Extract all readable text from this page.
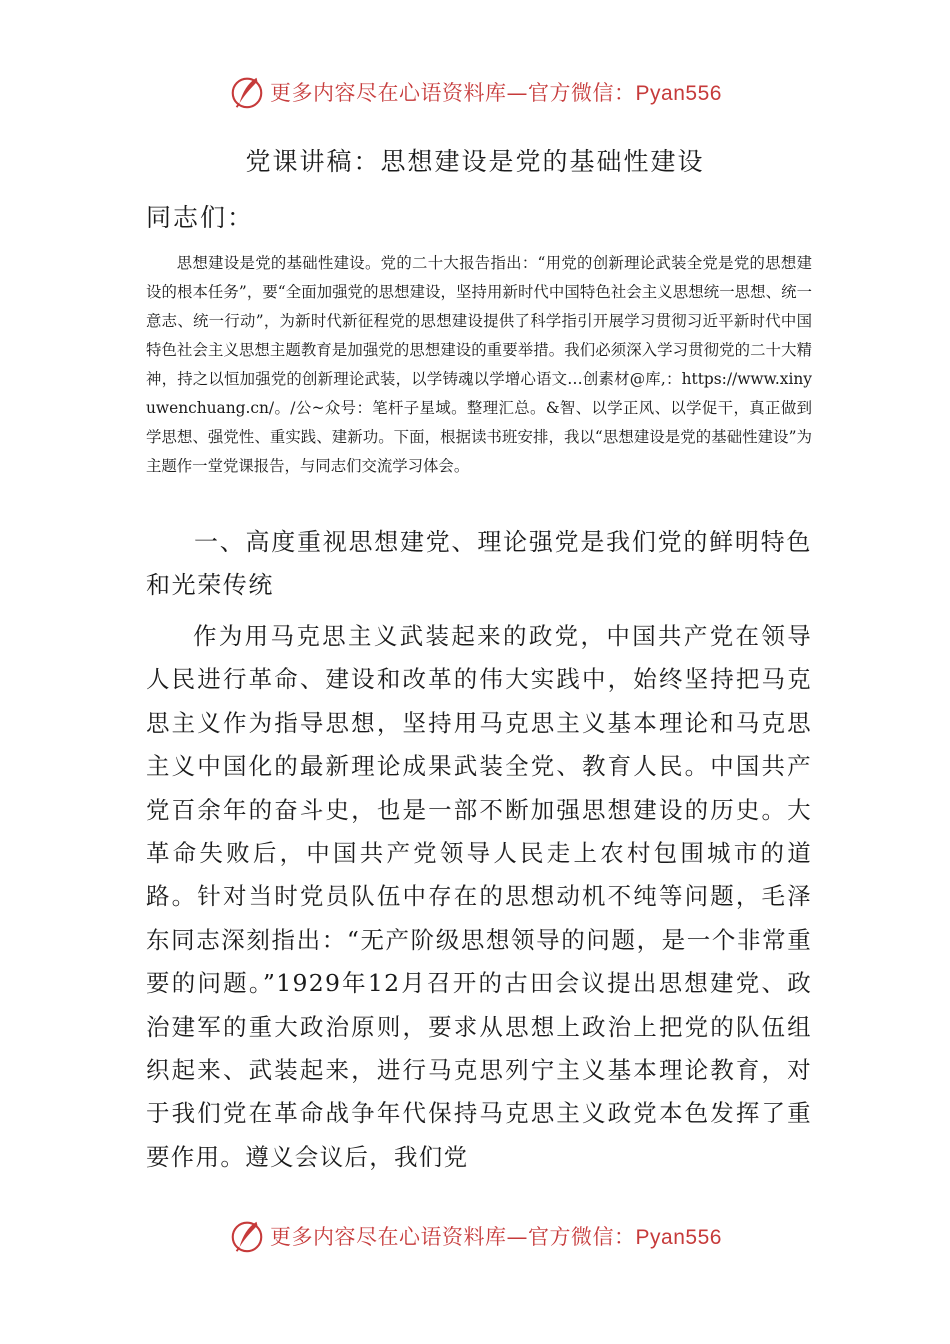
更多内容尽在心语资料库—官方微信：Pyan556
党课讲稿：思想建设是党的基础性建设

同志们：

思想建设是党的基础性建设。党的二十大报告指出：“用党的创新理论武装全党是党的思想建设的根本任务”，要“全面加强党的思想建设，坚持用新时代中国特色社会主义思想统一思想、统一意志、统一行动”，为新时代新征程党的思想建设提供了科学指引开展学习贯彻习近平新时代中国特色社会主义思想主题教育是加强党的思想建设的重要举措。我们必须深入学习贯彻党的二十大精神，持之以恒加强党的创新理论武装，以学铸魂以学增心语文…创素材@库,：https://www.xinyuwenchuang.cn/。/公~众号：笔杆子星域。整理汇总。&智、以学正风、以学促干，真正做到学思想、强党性、重实践、建新功。下面，根据读书班安排，我以“思想建设是党的基础性建设”为主题作一堂党课报告，与同志们交流学习体会。

一、高度重视思想建党、理论强党是我们党的鲜明特色和光荣传统

作为用马克思主义武装起来的政党，中国共产党在领导人民进行革命、建设和改革的伟大实践中，始终坚持把马克思主义作为指导思想，坚持用马克思主义基本理论和马克思主义中国化的最新理论成果武装全党、教育人民。中国共产党百余年的奋斗史，也是一部不断加强思想建设的历史。大革命失败后，中国共产党领导人民走上农村包围城市的道路。针对当时党员队伍中存在的思想动机不纯等问题，毛泽东同志深刻指出：“无产阶级思想领导的问题，是一个非常重要的问题。”1929年12月召开的古田会议提出思想建党、政治建军的重大政治原则，要求从思想上政治上把党的队伍组织起来、武装起来，进行马克思列宁主义基本理论教育，对于我们党在革命战争年代保持马克思主义政党本色发挥了重要作用。遵义会议后，我们党

更多内容尽在心语资料库—官方微信：Pyan556
